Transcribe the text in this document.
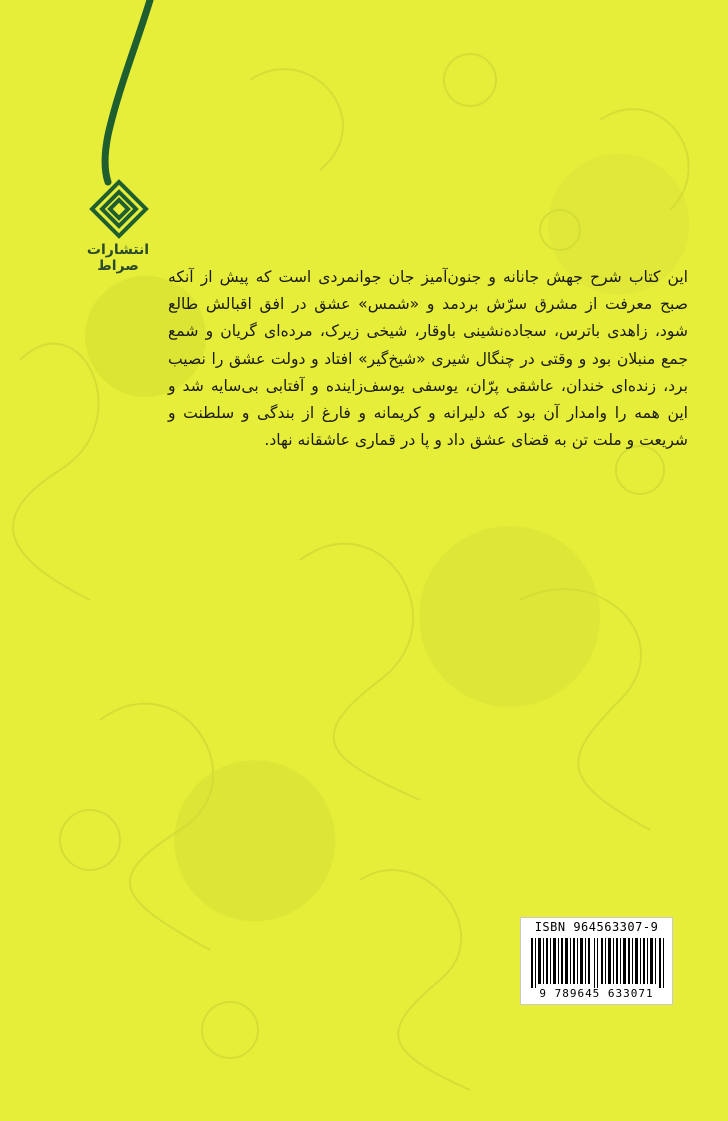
انتشارات صراط

این کتاب شرح جهش جانانه و جنون‌آمیز جان جوانمردی است که پیش از آنکه صبح معرفت از مشرق سرّش بردمد و «شمس» عشق در افق اقبالش طالع شود، زاهدی باترس، سجاده‌نشینی باوقار، شیخی زیرک، مرده‌ای گریان و شمع جمع منبلان بود و وقتی در چنگال شیری «شیخ‌گیر» افتاد و دولت عشق را نصیب برد، زنده‌ای خندان، عاشقی پرّان، یوسفی یوسف‌زاینده و آفتابی بی‌سایه شد و این همه را وامدار آن بود که دلیرانه و کریمانه و فارغ از بندگی و سلطنت و شریعت و ملت تن به قضای عشق داد و پا در قماری عاشقانه نهاد.

ISBN 964563307-9
9 789645 633071
